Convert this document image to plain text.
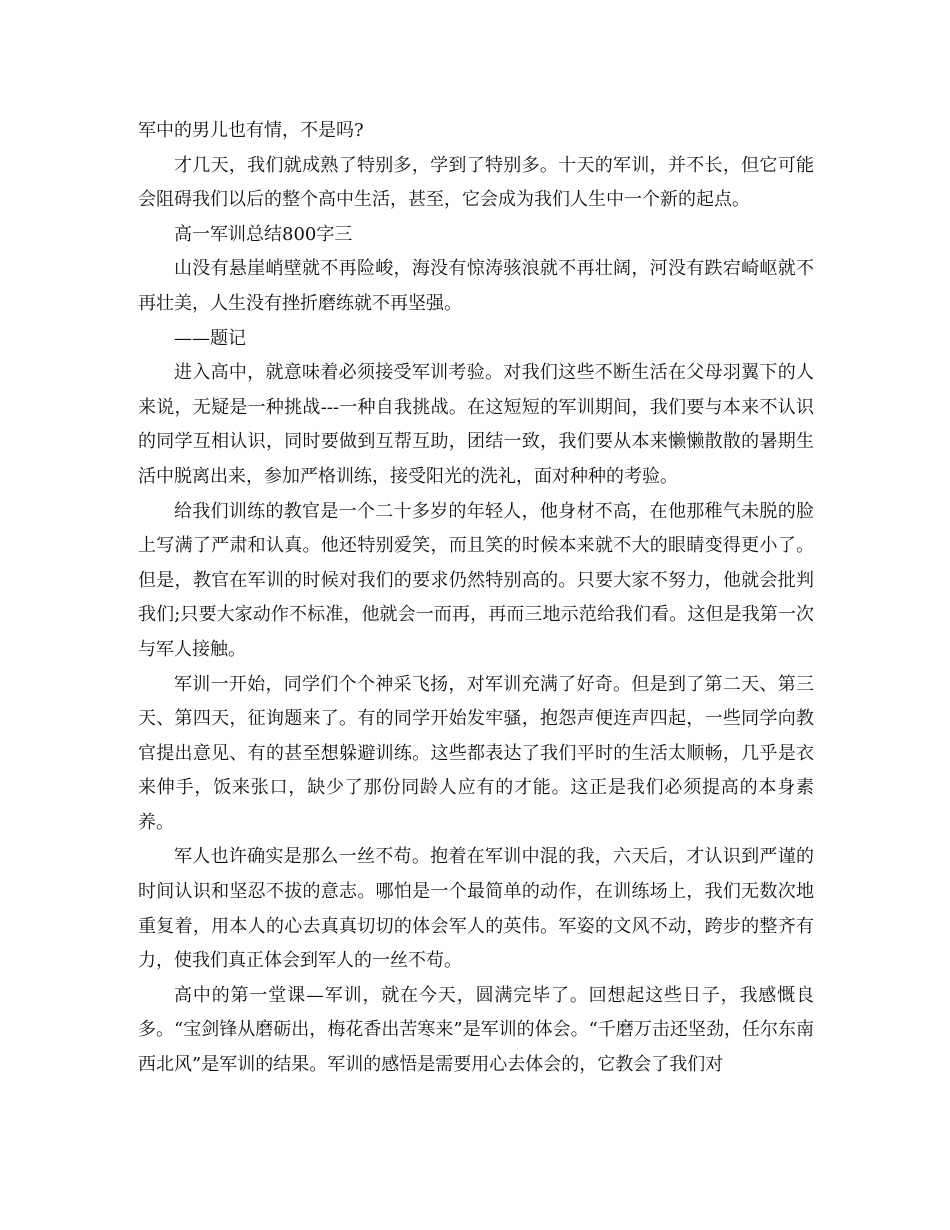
军中的男儿也有情，不是吗?

才几天，我们就成熟了特别多，学到了特别多。十天的军训，并不长，但它可能会阻碍我们以后的整个高中生活，甚至，它会成为我们人生中一个新的起点。

高一军训总结800字三

山没有悬崖峭壁就不再险峻，海没有惊涛骇浪就不再壮阔，河没有跌宕崎岖就不再壮美，人生没有挫折磨练就不再坚强。

——题记

进入高中，就意味着必须接受军训考验。对我们这些不断生活在父母羽翼下的人来说，无疑是一种挑战---一种自我挑战。在这短短的军训期间，我们要与本来不认识的同学互相认识，同时要做到互帮互助，团结一致，我们要从本来懒懒散散的暑期生活中脱离出来，参加严格训练，接受阳光的洗礼，面对种种的考验。

给我们训练的教官是一个二十多岁的年轻人，他身材不高，在他那稚气未脱的脸上写满了严肃和认真。他还特别爱笑，而且笑的时候本来就不大的眼睛变得更小了。但是，教官在军训的时候对我们的要求仍然特别高的。只要大家不努力，他就会批判我们;只要大家动作不标准，他就会一而再，再而三地示范给我们看。这但是我第一次与军人接触。

军训一开始，同学们个个神采飞扬，对军训充满了好奇。但是到了第二天、第三天、第四天，征询题来了。有的同学开始发牢骚，抱怨声便连声四起，一些同学向教官提出意见、有的甚至想躲避训练。这些都表达了我们平时的生活太顺畅，几乎是衣来伸手，饭来张口，缺少了那份同龄人应有的才能。这正是我们必须提高的本身素养。

军人也许确实是那么一丝不苟。抱着在军训中混的我，六天后，才认识到严谨的时间认识和坚忍不拔的意志。哪怕是一个最简单的动作，在训练场上，我们无数次地重复着，用本人的心去真真切切的体会军人的英伟。军姿的文风不动，跨步的整齐有力，使我们真正体会到军人的一丝不苟。

高中的第一堂课—军训，就在今天，圆满完毕了。回想起这些日子，我感慨良多。“宝剑锋从磨砺出，梅花香出苦寒来”是军训的体会。“千磨万击还坚劲，任尔东南西北风”是军训的结果。军训的感悟是需要用心去体会的，它教会了我们对
